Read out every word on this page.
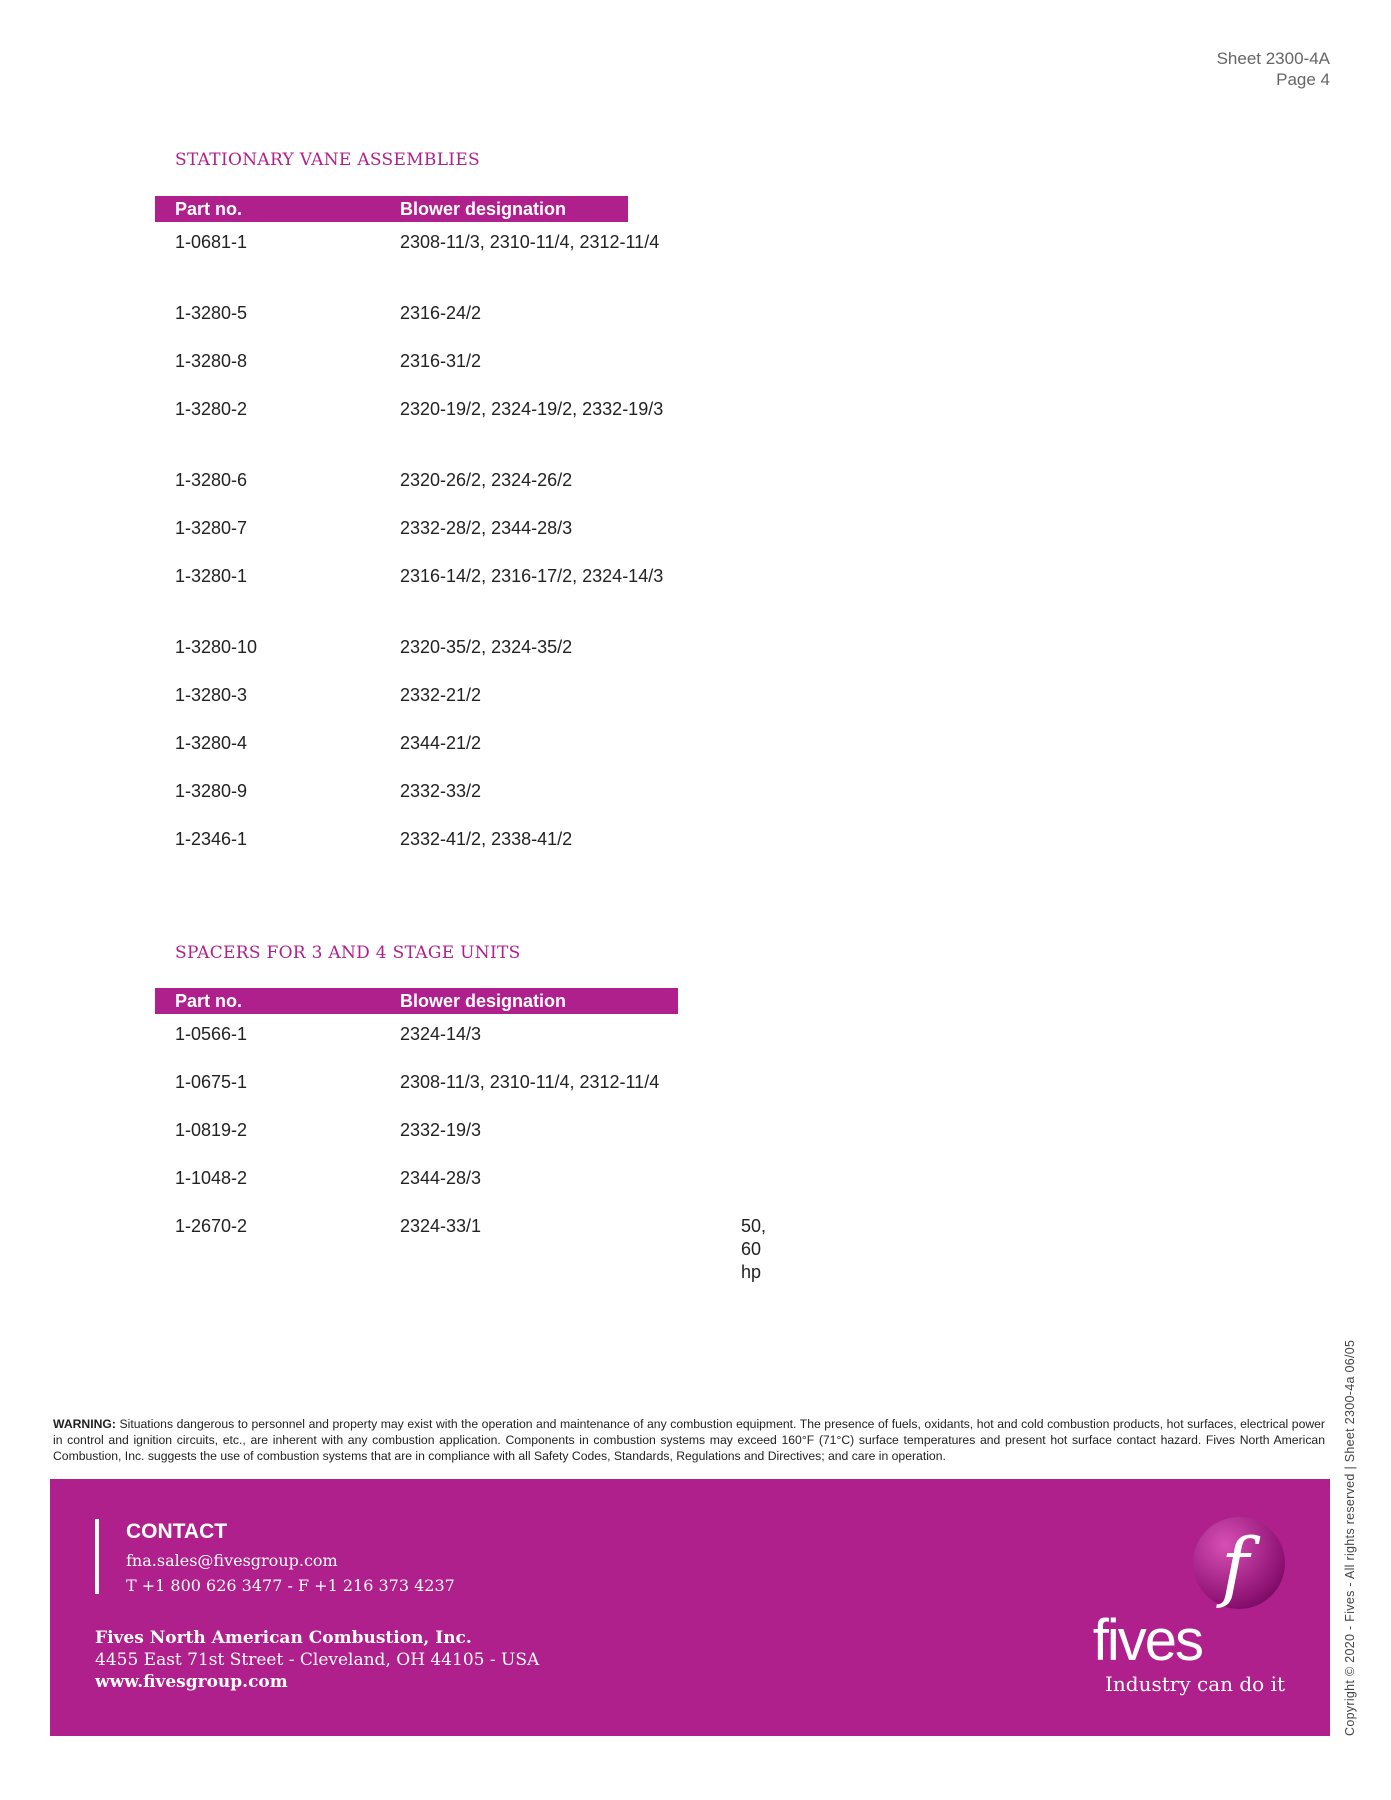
Sheet 2300-4A
Page 4
STATIONARY VANE ASSEMBLIES
Part no.	Blower designation
1-0681-1	2308-11/3, 2310-11/4, 2312-11/4
1-3280-5	2316-24/2
1-3280-8	2316-31/2
1-3280-2	2320-19/2, 2324-19/2, 2332-19/3
1-3280-6	2320-26/2, 2324-26/2
1-3280-7	2332-28/2, 2344-28/3
1-3280-1	2316-14/2, 2316-17/2, 2324-14/3
1-3280-10	2320-35/2, 2324-35/2
1-3280-3	2332-21/2
1-3280-4	2344-21/2
1-3280-9	2332-33/2
1-2346-1	2332-41/2, 2338-41/2
SPACERS FOR 3 AND 4 STAGE UNITS
Part no.	Blower designation
1-0566-1	2324-14/3
1-0675-1	2308-11/3, 2310-11/4, 2312-11/4
1-0819-2	2332-19/3
1-1048-2	2344-28/3
1-2670-2	2324-33/1	50, 60 hp
WARNING: Situations dangerous to personnel and property may exist with the operation and maintenance of any combustion equipment. The presence of fuels, oxidants, hot and cold combustion products, hot surfaces, electrical power in control and ignition circuits, etc., are inherent with any combustion application. Components in combustion systems may exceed 160°F (71°C) surface temperatures and present hot surface contact hazard. Fives North American Combustion, Inc. suggests the use of combustion systems that are in compliance with all Safety Codes, Standards, Regulations and Directives; and care in operation.
CONTACT
fna.sales@fivesgroup.com
T +1 800 626 3477 - F +1 216 373 4237
Fives North American Combustion, Inc.
4455 East 71st Street - Cleveland, OH 44105 - USA
www.fivesgroup.com
f
fives
Industry can do it	Copyright © 2020 - Fives - All rights reserved | Sheet 2300-4a 06/05
